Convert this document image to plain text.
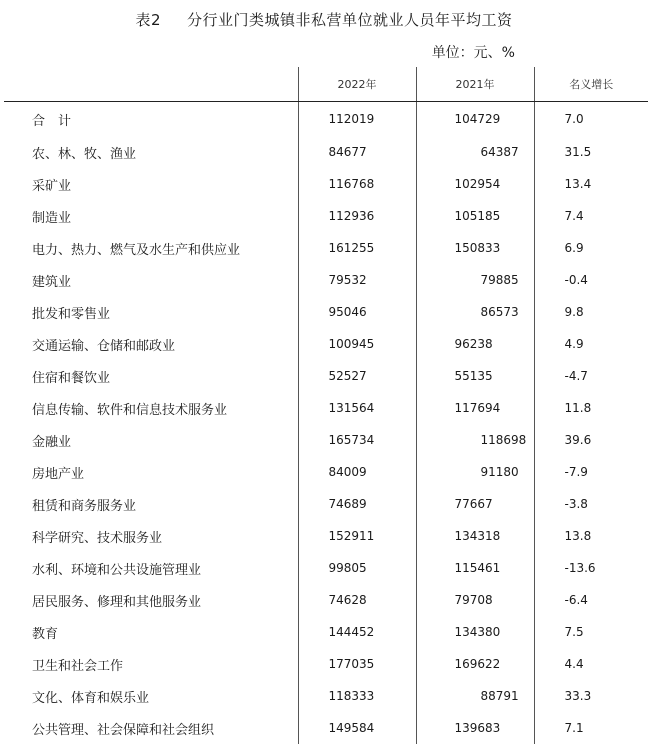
表2 分行业门类城镇非私营单位就业人员年平均工资
单位：元、%
	2022年	2021年	名义增长
合　计	112019	104729	7.0
农、林、牧、渔业	84677	64387	31.5
采矿业	116768	102954	13.4
制造业	112936	105185	7.4
电力、热力、燃气及水生产和供应业	161255	150833	6.9
建筑业	79532	79885	-0.4
批发和零售业	95046	86573	9.8
交通运输、仓储和邮政业	100945	96238	4.9
住宿和餐饮业	52527	55135	-4.7
信息传输、软件和信息技术服务业	131564	117694	11.8
金融业	165734	118698	39.6
房地产业	84009	91180	-7.9
租赁和商务服务业	74689	77667	-3.8
科学研究、技术服务业	152911	134318	13.8
水利、环境和公共设施管理业	99805	115461	-13.6
居民服务、修理和其他服务业	74628	79708	-6.4
教育	144452	134380	7.5
卫生和社会工作	177035	169622	4.4
文化、体育和娱乐业	118333	88791	33.3
公共管理、社会保障和社会组织	149584	139683	7.1
